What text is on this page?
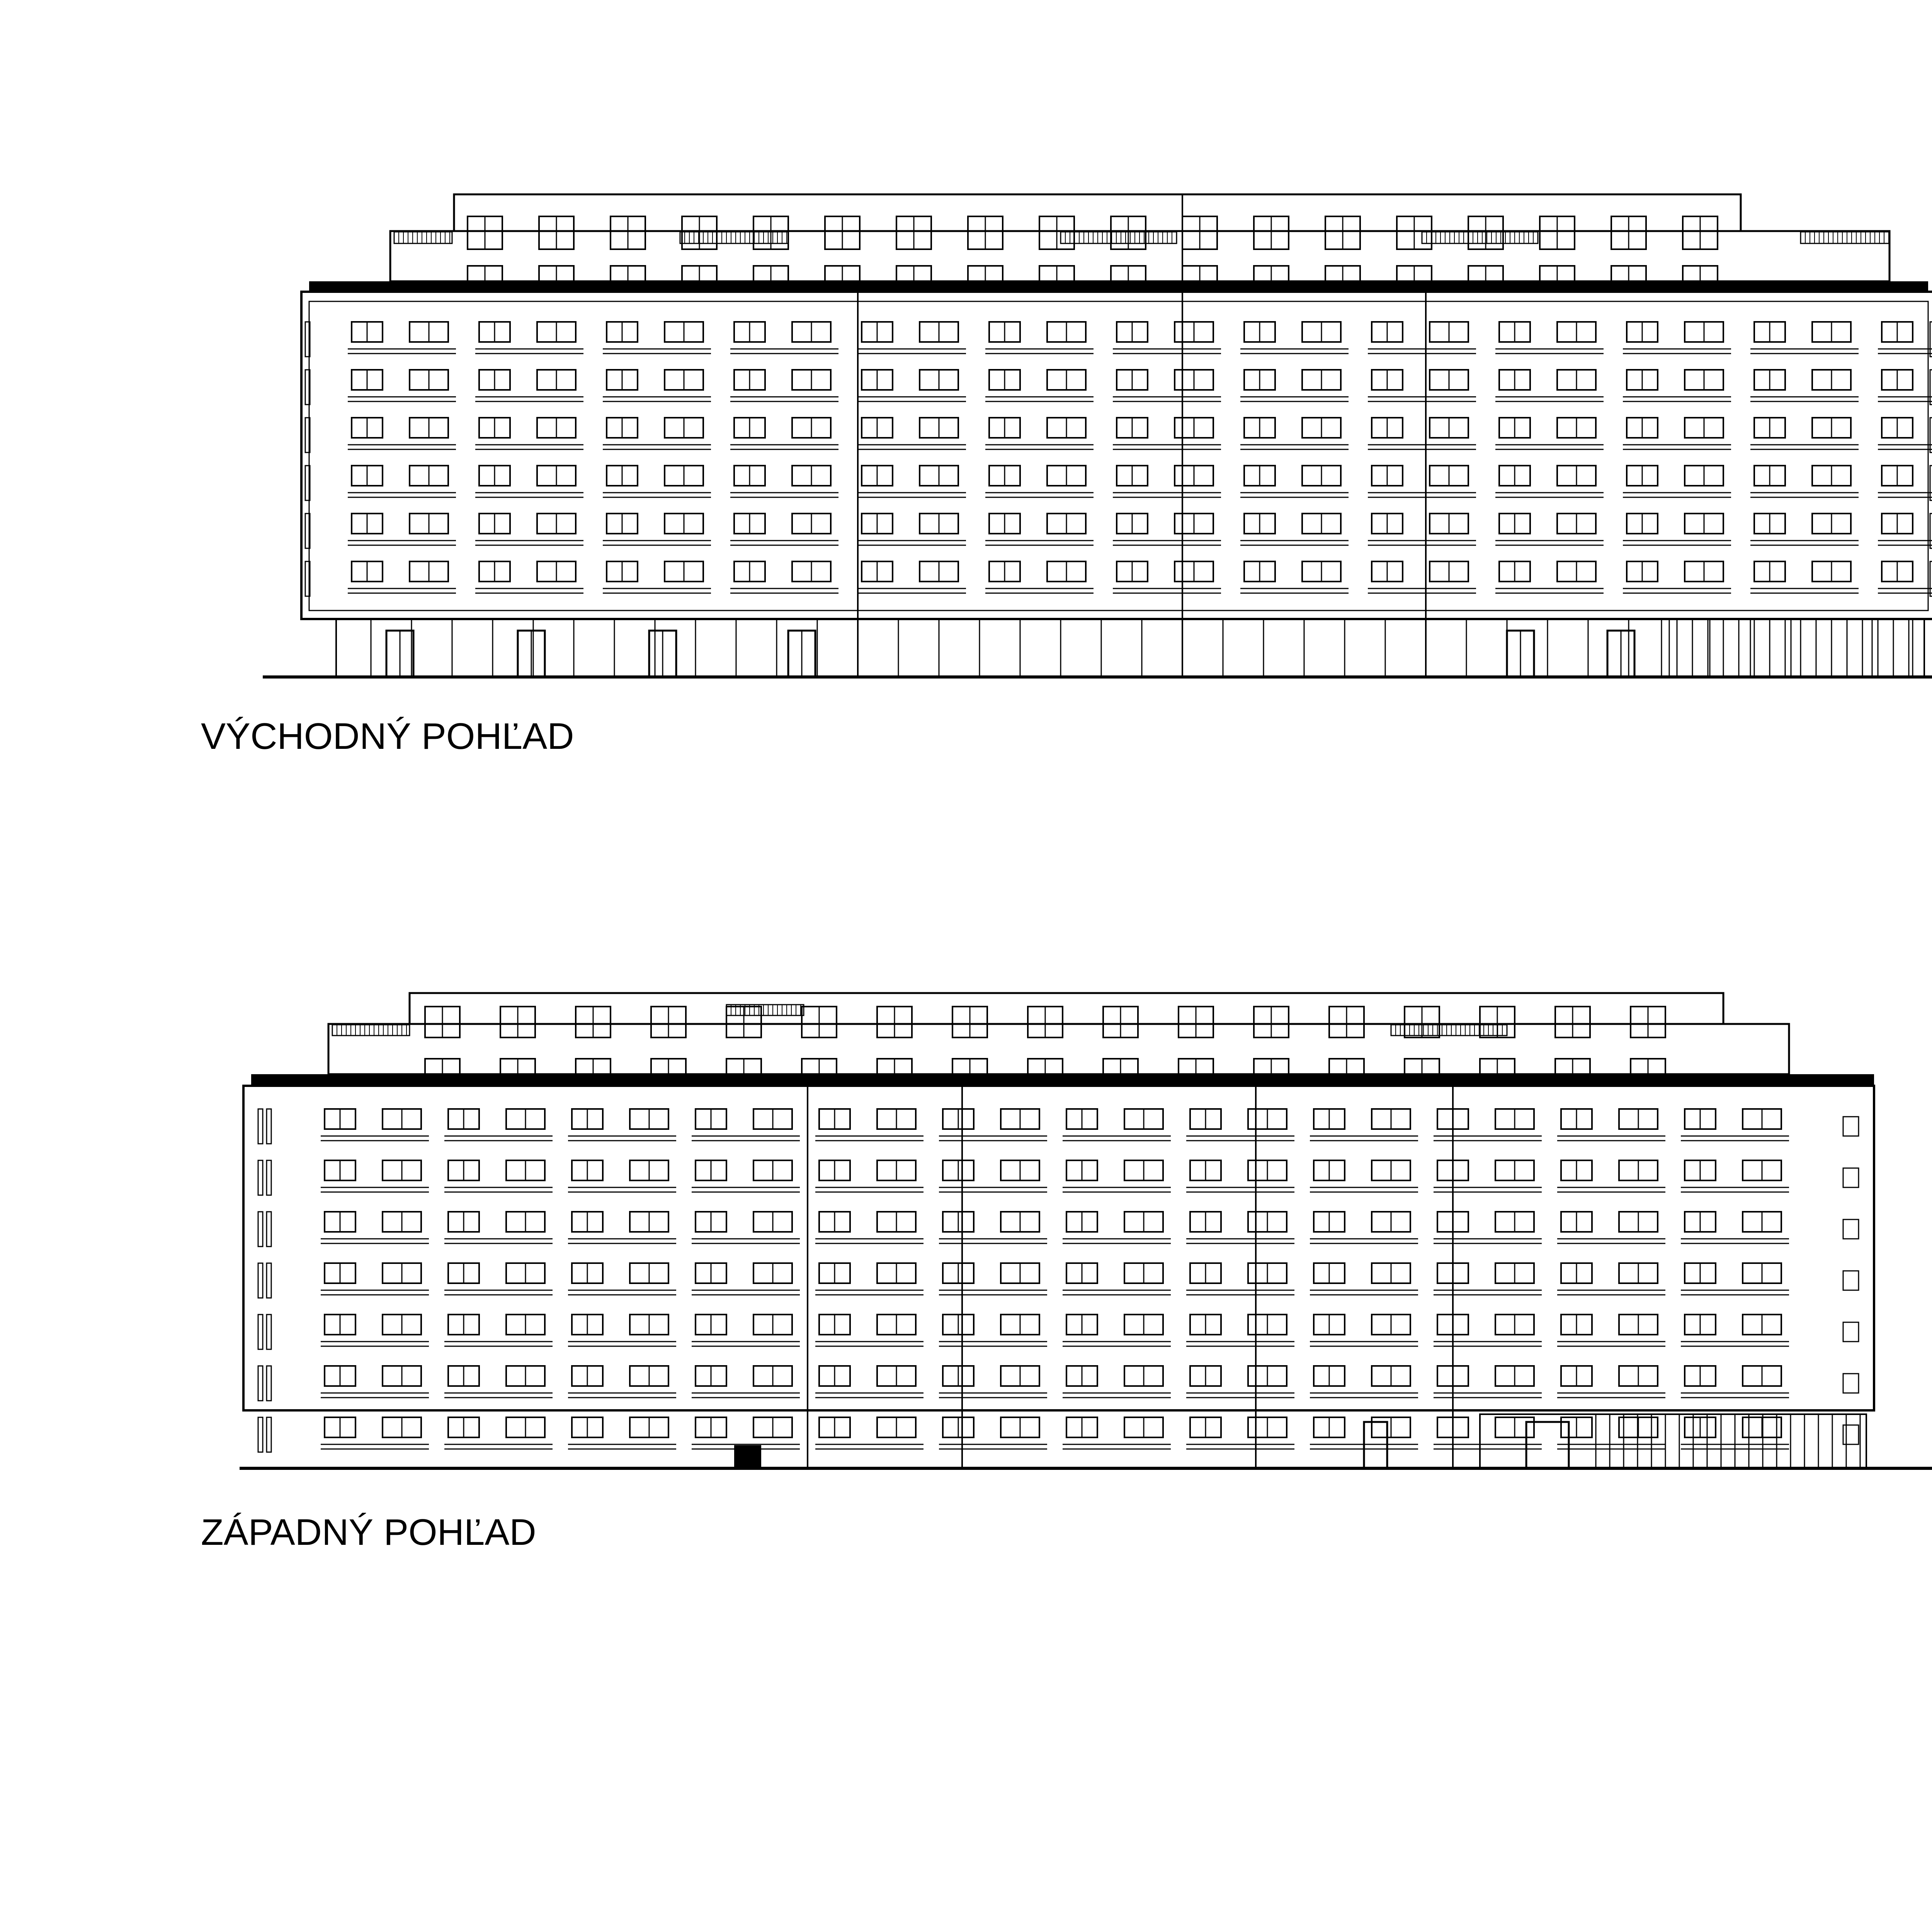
VÝCHODNÝ POHĽAD
ZÁPADNÝ POHĽAD
